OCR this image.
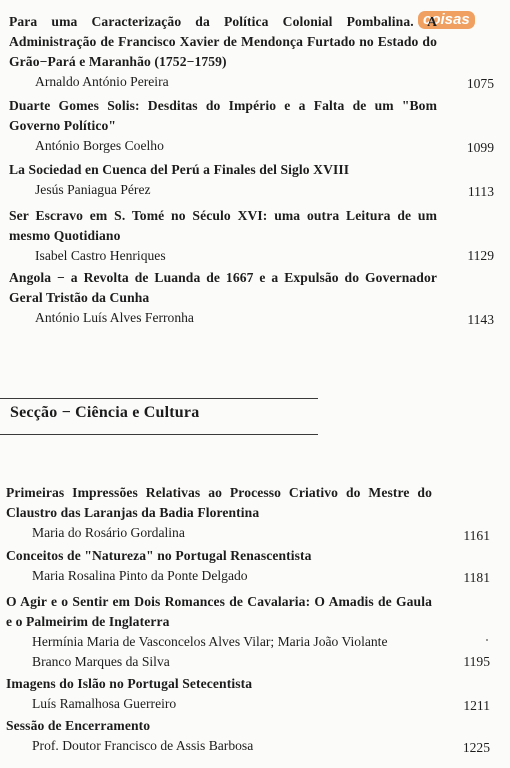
coisas
Para uma Caracterização da Política Colonial Pombalina. A Administração de Francisco Xavier de Mendonça Furtado no Estado do Grão−Pará e Maranhão (1752−1759)
Arnaldo António Pereira	1075
Duarte Gomes Solis: Desditas do Império e a Falta de um "Bom Governo Político"
António Borges Coelho	1099
La Sociedad en Cuenca del Perú a Finales del Siglo XVIII
Jesús Paniagua Pérez	1113
Ser Escravo em S. Tomé no Século XVI: uma outra Leitura de um mesmo Quotidiano
Isabel Castro Henriques	1129
Angola − a Revolta de Luanda de 1667 e a Expulsão do Governador Geral Tristão da Cunha
António Luís Alves Ferronha	1143
Secção − Ciência e Cultura
Primeiras Impressões Relativas ao Processo Criativo do Mestre do Claustro das Laranjas da Badia Florentina
Maria do Rosário Gordalina	1161
Conceitos de "Natureza" no Portugal Renascentista
Maria Rosalina Pinto da Ponte Delgado	1181
O Agir e o Sentir em Dois Romances de Cavalaria: O Amadis de Gaula e o Palmeirim de Inglaterra
Hermínia Maria de Vasconcelos Alves Vilar; Maria João Violante Branco Marques da Silva	1195
Imagens do Islão no Portugal Setecentista
Luís Ramalhosa Guerreiro	1211
Sessão de Encerramento
Prof. Doutor Francisco de Assis Barbosa	1225
